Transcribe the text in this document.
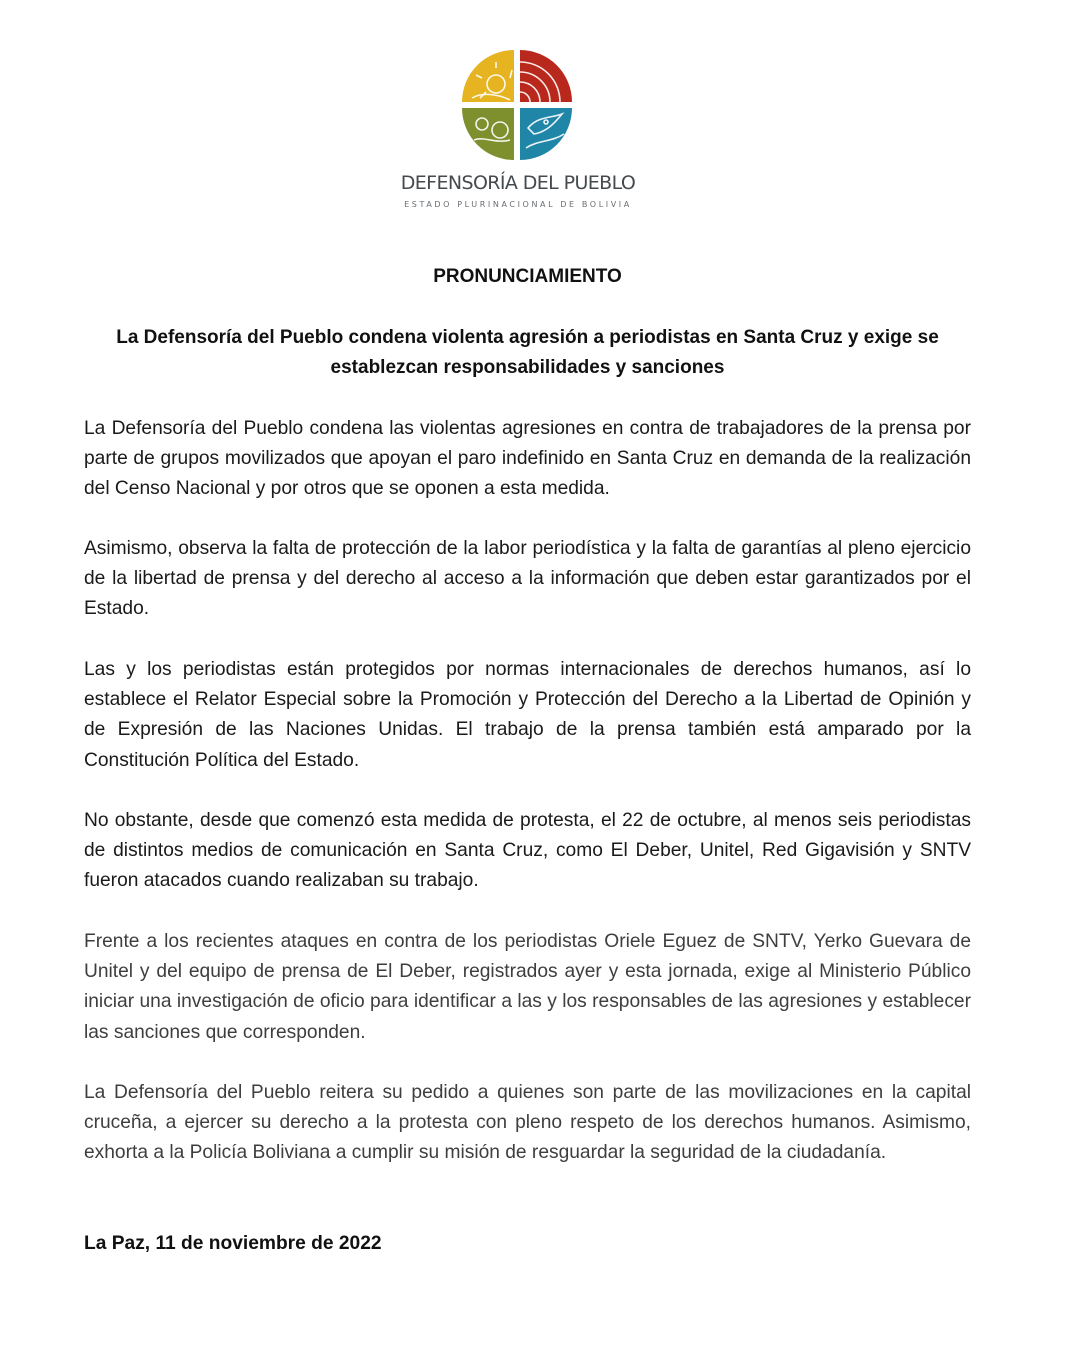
DEFENSORÍA DEL PUEBLO
ESTADO PLURINACIONAL DE BOLIVIA
PRONUNCIAMIENTO
La Defensoría del Pueblo condena violenta agresión a periodistas en Santa Cruz y exige se establezcan responsabilidades y sanciones

La Defensoría del Pueblo condena las violentas agresiones en contra de trabajadores de la prensa por parte de grupos movilizados que apoyan el paro indefinido en Santa Cruz en demanda de la realización del Censo Nacional y por otros que se oponen a esta medida.

Asimismo, observa la falta de protección de la labor periodística y la falta de garantías al pleno ejercicio de la libertad de prensa y del derecho al acceso a la información que deben estar garantizados por el Estado.

Las y los periodistas están protegidos por normas internacionales de derechos humanos, así lo establece el Relator Especial sobre la Promoción y Protección del Derecho a la Libertad de Opinión y de Expresión de las Naciones Unidas. El trabajo de la prensa también está amparado por la Constitución Política del Estado.

No obstante, desde que comenzó esta medida de protesta, el 22 de octubre, al menos seis periodistas de distintos medios de comunicación en Santa Cruz, como El Deber, Unitel, Red Gigavisión y SNTV fueron atacados cuando realizaban su trabajo.

Frente a los recientes ataques en contra de los periodistas Oriele Eguez de SNTV, Yerko Guevara de Unitel y del equipo de prensa de El Deber, registrados ayer y esta jornada, exige al Ministerio Público iniciar una investigación de oficio para identificar a las y los responsables de las agresiones y establecer las sanciones que corresponden.

La Defensoría del Pueblo reitera su pedido a quienes son parte de las movilizaciones en la capital cruceña, a ejercer su derecho a la protesta con pleno respeto de los derechos humanos. Asimismo, exhorta a la Policía Boliviana a cumplir su misión de resguardar la seguridad de la ciudadanía.

La Paz, 11 de noviembre de 2022
